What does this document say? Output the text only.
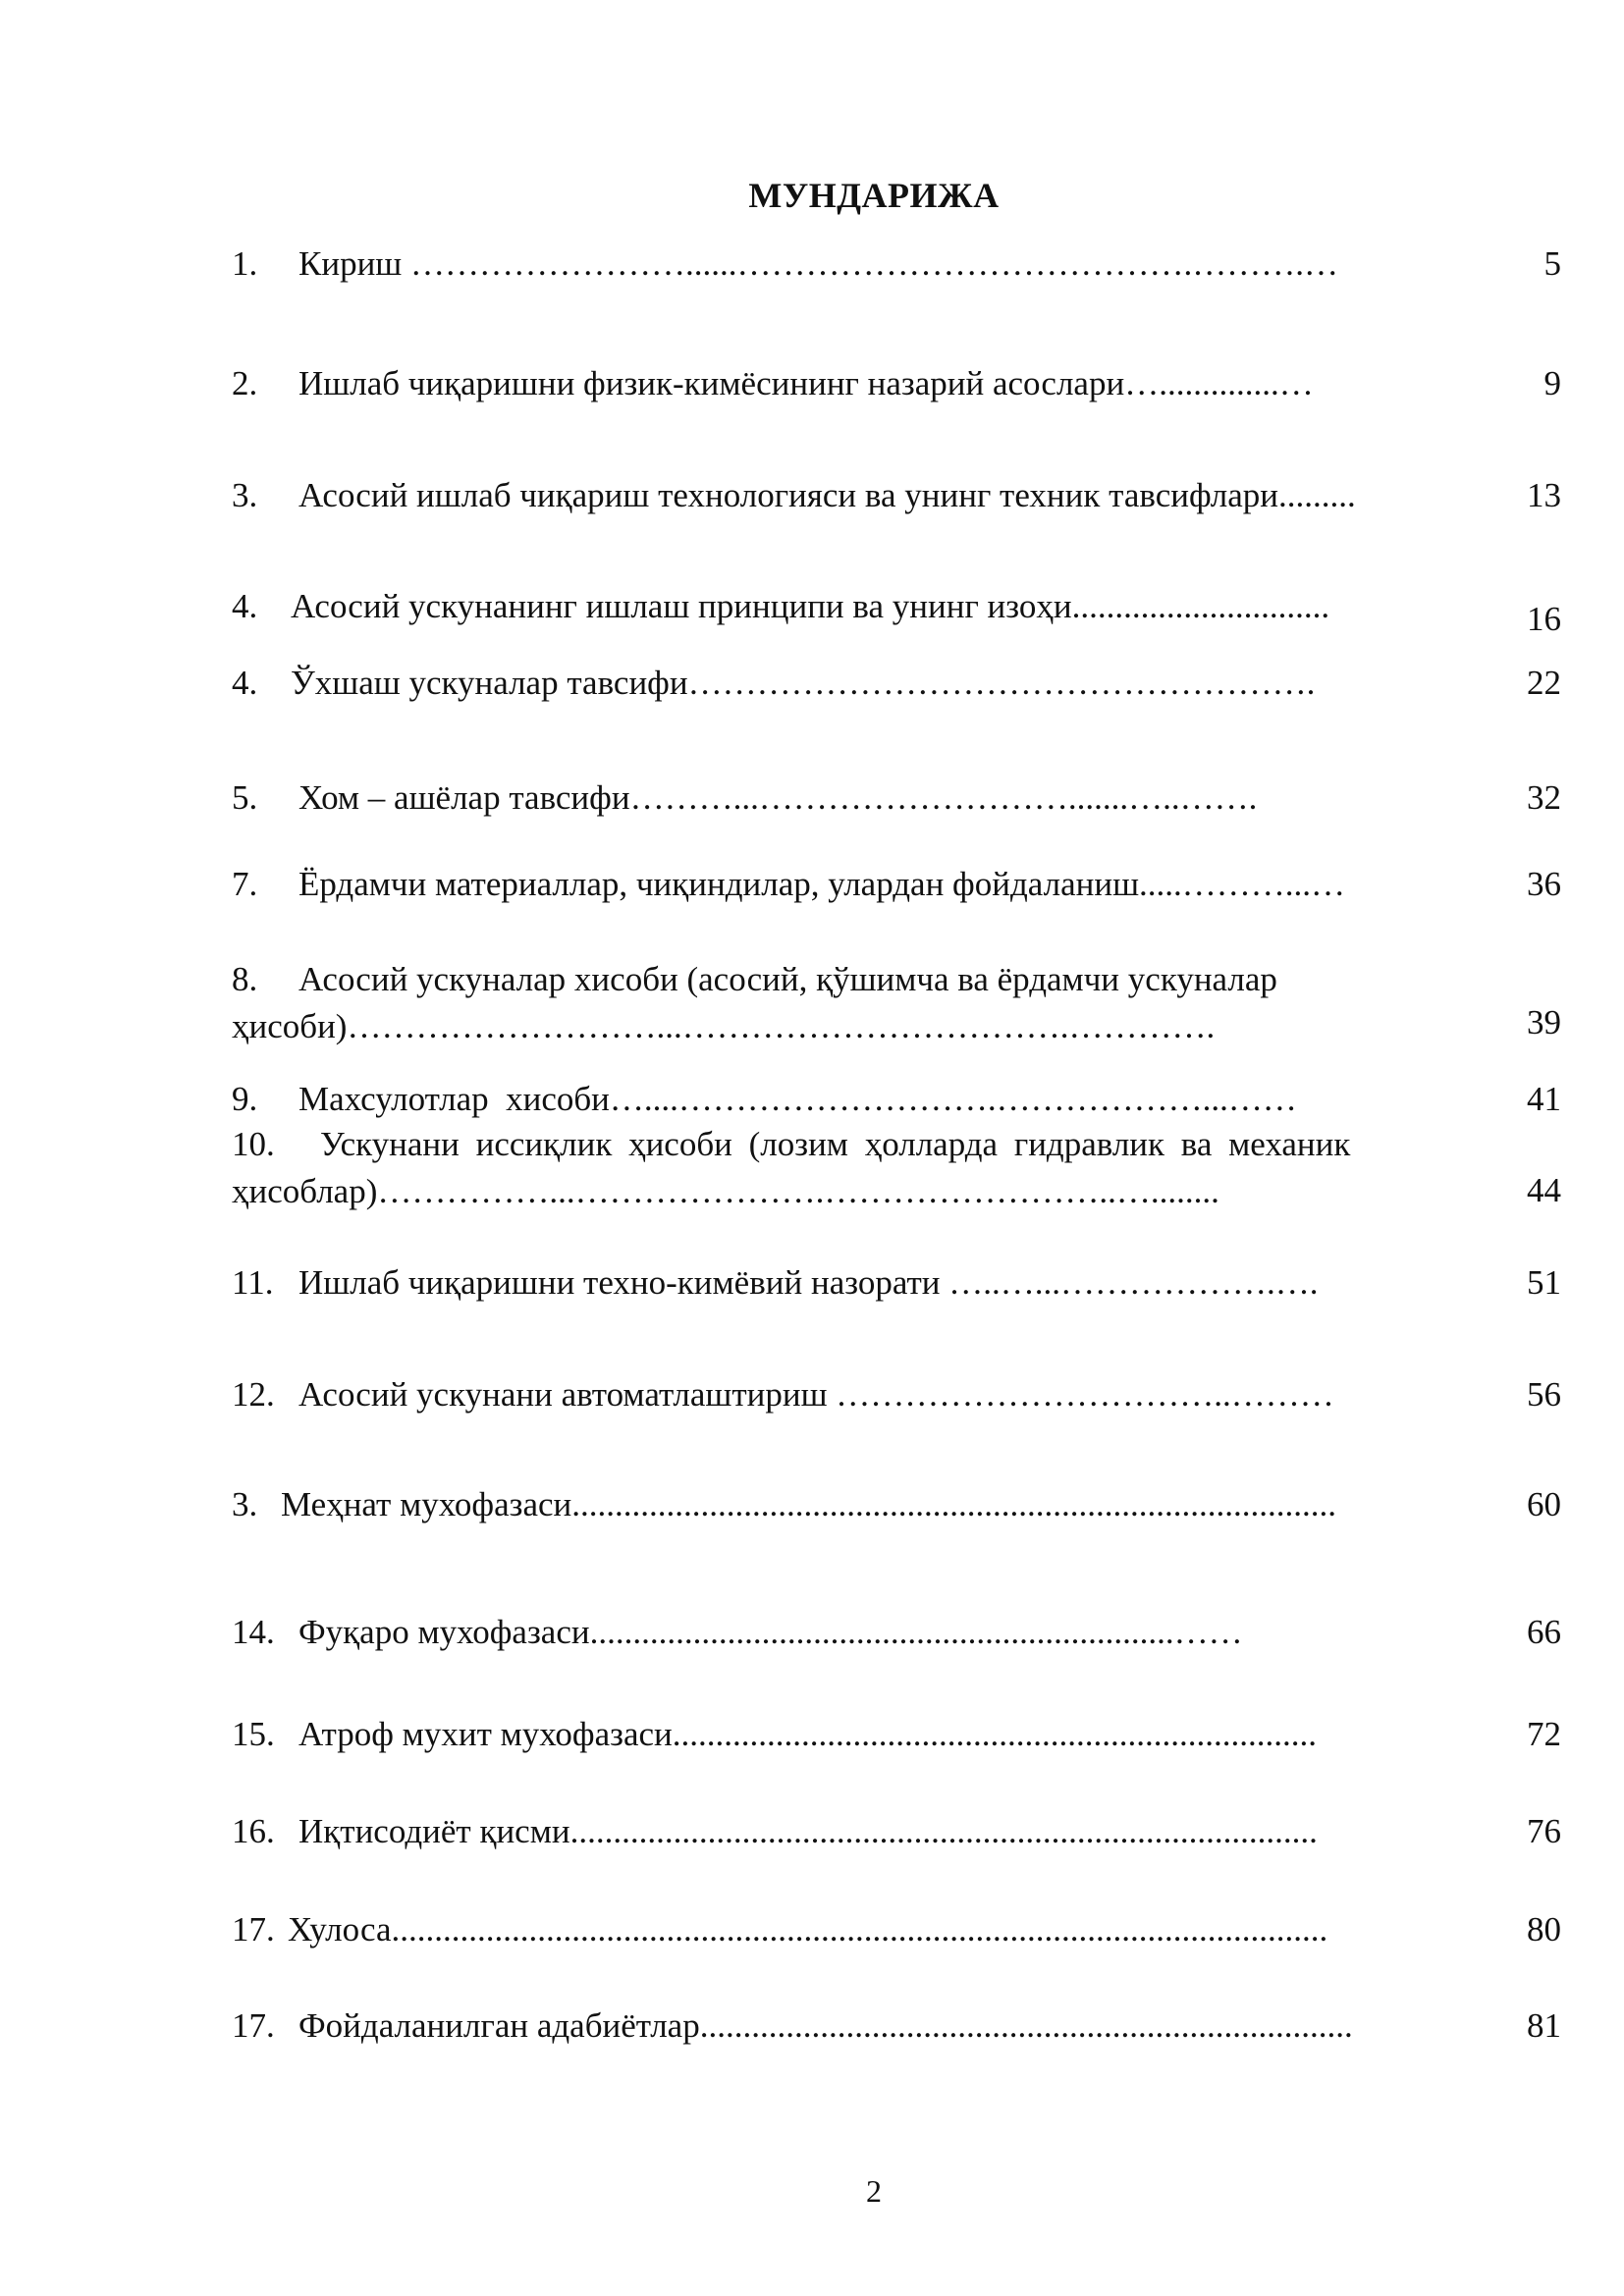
МУНДАРИЖА
1. Кириш ……………………......………………………………….……….…	5
2. Ишлаб чиқаришни физик-кимёсининг назарий асослари…..............…	9
3. Асосий ишлаб чиқариш технологияси ва унинг техник тавсифлари.........	13
4. Асосий ускунанинг ишлаш принципи ва унинг изоҳи..............................	16
4. Ўхшаш ускуналар тавсифи……………………………………………….	22
5. Хом – ашёлар тавсифи………...……………………….......…..…….	32
7. Ёрдамчи материаллар, чиқиндилар, улардан фойдаланиш.....………...…	36
8. Асосий ускуналар хисоби (асосий, қўшимча ва ёрдамчи ускуналар
ҳисоби)………………………...…………………………….………….	39
9. Махсулотлар  хисоби…....……………………….………………...……	41
10. Ускунани иссиқлик ҳисоби (лозим ҳолларда гидравлик ва механик
ҳисоблар)……………...………………….……………………..…........	44
11. Ишлаб чиқаришни техно-кимёвий назорати …..…...……………….….	51
12. Асосий ускунани автоматлаштириш ……………………………..………	56
3. Меҳнат мухофазаси.........................................................................................	60
14. Фуқаро мухофазаси....................................................................……	66
15. Атроф мухит мухофазаси...........................................................................	72
16. Иқтисодиёт қисми.......................................................................................	76
17. Хулоса.............................................................................................................	80
17. Фойдаланилган адабиётлар............................................................................	81
2
